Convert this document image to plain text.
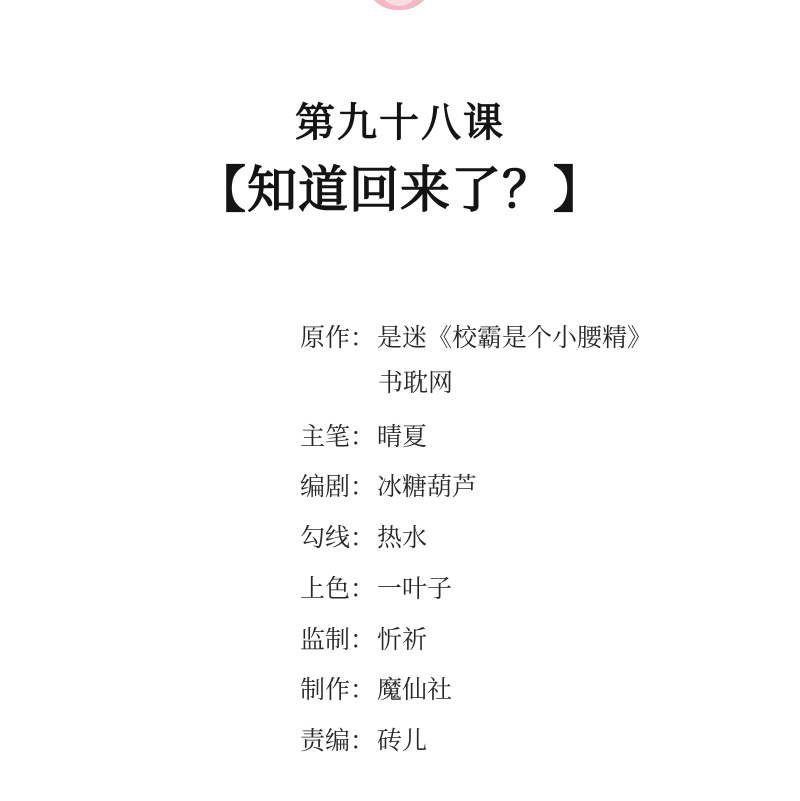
第九十八课
【知道回来了？】
原作： 是迷《校霸是个小腰精》
书耽网
主笔： 晴夏
编剧： 冰糖葫芦
勾线： 热水
上色： 一叶子
监制： 忻祈
制作： 魔仙社
责编： 砖儿
